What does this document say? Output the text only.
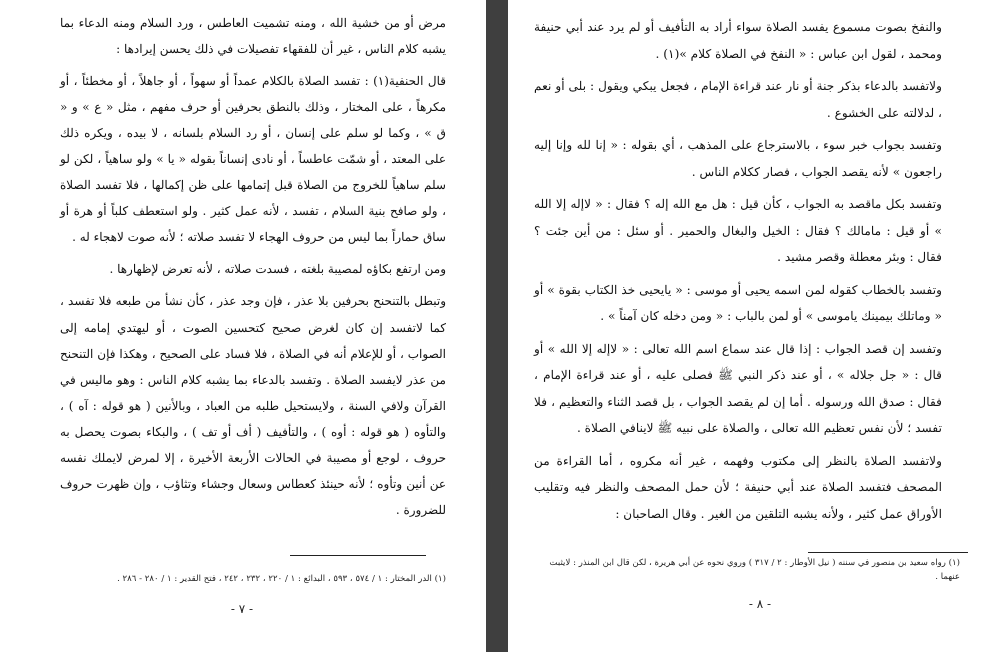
مرض أو من خشية الله ، ومنه تشميت العاطس ، ورد السلام ومنه الدعاء بما يشبه كلام الناس ، غير أن للفقهاء تفصيلات في ذلك يحسن إيرادها :

قال الحنفية(١) : تفسد الصلاة بالكلام عمداً أو سهواً ، أو جاهلاً ، أو مخطئاً ، أو مكرهاً ، على المختار ، وذلك بالنطق بحرفين أو حرف مفهم ، مثل « ع » و « ق » ، وكما لو سلم على إنسان ، أو رد السلام بلسانه ، لا بيده ، ويكره ذلك على المعتد ، أو شمّت عاطساً ، أو نادى إنساناً بقوله « يا » ولو ساهياً ، لكن لو سلم ساهياً للخروج من الصلاة قبل إتمامها على ظن إكمالها ، فلا تفسد الصلاة ، ولو صافح بنية السلام ، تفسد ، لأنه عمل كثير . ولو استعطف كلباً أو هرة أو ساق حماراً بما ليس من حروف الهجاء لا تفسد صلاته ؛ لأنه صوت لاهجاء له .

ومن ارتفع بكاؤه لمصيبة بلغته ، فسدت صلاته ، لأنه تعرض لإظهارها .

وتبطل بالتنحنح بحرفين بلا عذر ، فإن وجد عذر ، كأن نشأ من طبعه فلا تفسد ، كما لاتفسد إن كان لغرض صحيح كتحسين الصوت ، أو ليهتدي إمامه إلى الصواب ، أو للإعلام أنه في الصلاة ، فلا فساد على الصحيح ، وهكذا فإن التنحنح من عذر لايفسد الصلاة . وتفسد بالدعاء بما يشبه كلام الناس : وهو ماليس في القرآن ولافي السنة ، ولايستحيل طلبه من العباد ، وبالأنين ( هو قوله : آه ) ، والتأوه ( هو قوله : أوه ) ، والتأفيف ( أف أو تف ) ، والبكاء بصوت يحصل به حروف ، لوجع أو مصيبة في الحالات الأربعة الأخيرة ، إلا لمرض لايملك نفسه عن أنين وتأوه ؛ لأنه حينئذ كعطاس وسعال وجشاء وتثاؤب ، وإن ظهرت حروف للضرورة .

(١) الدر المختار : ١ / ٥٧٤ ، ٥٩٣ ، البدائع : ١ / ٢٢٠ ، ٢٣٢ ، ٢٤٢ ، فتح القدير : ١ / ٢٨٠ - ٢٨٦ .
- ٧ -

والنفخ بصوت مسموع يفسد الصلاة سواء أراد به التأفيف أو لم يرد عند أبي حنيفة ومحمد ، لقول ابن عباس : « النفخ في الصلاة كلام »(١) .

ولاتفسد بالدعاء بذكر جنة أو نار عند قراءة الإمام ، فجعل يبكي ويقول : بلى أو نعم ، لدلالته على الخشوع .

وتفسد بجواب خبر سوء ، بالاسترجاع على المذهب ، أي بقوله : « إنا لله وإنا إليه راجعون » لأنه يقصد الجواب ، فصار ككلام الناس .

وتفسد بكل ماقصد به الجواب ، كأن قيل : هل مع الله إله ؟ فقال : « لاإله إلا الله » أو قيل : مامالك ؟ فقال : الخيل والبغال والحمير . أو سئل : من أين جئت ؟ فقال : وبئر معطلة وقصر مشيد .

وتفسد بالخطاب كقوله لمن اسمه يحيى أو موسى : « يايحيى خذ الكتاب بقوة » أو « وماتلك بيمينك ياموسى » أو لمن بالباب : « ومن دخله كان آمناً » .

وتفسد إن قصد الجواب : إذا قال عند سماع اسم الله تعالى : « لاإله إلا الله » أو قال : « جل جلاله » ، أو عند ذكر النبي ﷺ فصلى عليه ، أو عند قراءة الإمام ، فقال : صدق الله ورسوله . أما إن لم يقصد الجواب ، بل قصد الثناء والتعظيم ، فلا تفسد ؛ لأن نفس تعظيم الله تعالى ، والصلاة على نبيه ﷺ لاينافي الصلاة .

ولاتفسد الصلاة بالنظر إلى مكتوب وفهمه ، غير أنه مكروه ، أما القراءة من المصحف فتفسد الصلاة عند أبي حنيفة ؛ لأن حمل المصحف والنظر فيه وتقليب الأوراق عمل كثير ، ولأنه يشبه التلقين من الغير . وقال الصاحبان :

(١) رواه سعيد بن منصور في سننه ( نيل الأوطار : ٢ / ٣١٧ ) وروي نحوه عن أبي هريرة ، لكن قال ابن المنذر : لايثبت عنهما .
- ٨ -
